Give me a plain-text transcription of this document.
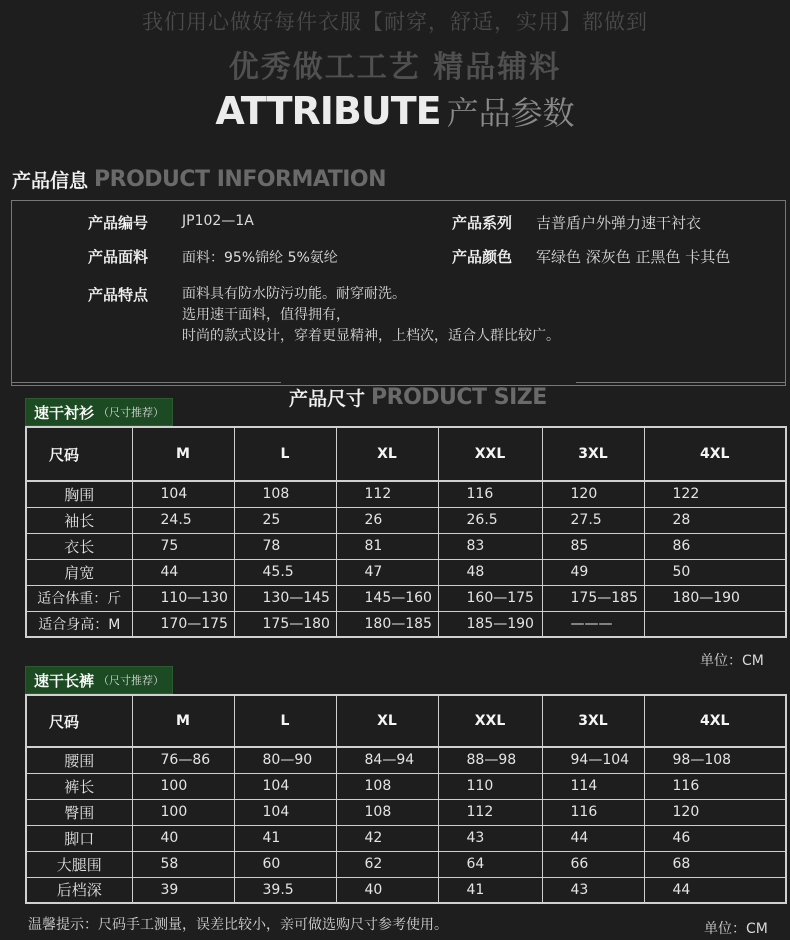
我们用心做好每件衣服【耐穿，舒适，实用】都做到
优秀做工工艺 精品辅料
ATTRIBUTE 产品参数
产品信息 PRODUCT INFORMATION
产品编号 JP102—1A	产品系列 吉普盾户外弹力速干衬衣
产品面料 面料：95%锦纶 5%氨纶	产品颜色 军绿色 深灰色 正黑色 卡其色
产品特点 面料具有防水防污功能。耐穿耐洗。
选用速干面料，值得拥有，
时尚的款式设计，穿着更显精神，上档次，适合人群比较广。
产品尺寸 PRODUCT SIZE
速干衬衫 （尺寸推荐）
尺码	M	L	XL	XXL	3XL	4XL
胸围	104	108	112	116	120	122
袖长	24.5	25	26	26.5	27.5	28
衣长	75	78	81	83	85	86
肩宽	44	45.5	47	48	49	50
适合体重：斤	110—130	130—145	145—160	160—175	175—185	180—190
适合身高：M	170—175	175—180	180—185	185—190	———	
单位：CM
速干长裤 （尺寸推荐）
尺码	M	L	XL	XXL	3XL	4XL
腰围	76—86	80—90	84—94	88—98	94—104	98—108
裤长	100	104	108	110	114	116
臀围	100	104	108	112	116	120
脚口	40	41	42	43	44	46
大腿围	58	60	62	64	66	68
后档深	39	39.5	40	41	43	44
温馨提示：尺码手工测量，误差比较小，亲可做选购尺寸参考使用。	单位：CM
